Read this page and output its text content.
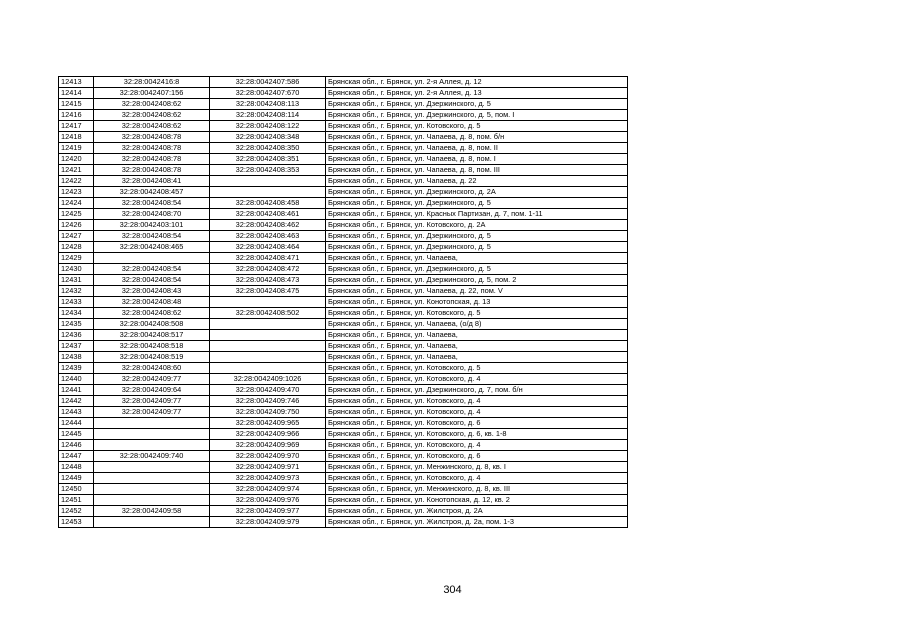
12413	32:28:0042416:8	32:28:0042407:586	Брянская обл., г. Брянск, ул. 2-я Аллея, д. 12
12414	32:28:0042407:156	32:28:0042407:670	Брянская обл., г. Брянск, ул. 2-я Аллея, д. 13
12415	32:28:0042408:62	32:28:0042408:113	Брянская обл., г. Брянск, ул. Дзержинского, д. 5
12416	32:28:0042408:62	32:28:0042408:114	Брянская обл., г. Брянск, ул. Дзержинского, д. 5, пом. I
12417	32:28:0042408:62	32:28:0042408:122	Брянская обл., г. Брянск, ул. Котовского, д. 5
12418	32:28:0042408:78	32:28:0042408:348	Брянская обл., г. Брянск, ул. Чапаева, д. 8, пом. б/н
12419	32:28:0042408:78	32:28:0042408:350	Брянская обл., г. Брянск, ул. Чапаева, д. 8, пом. II
12420	32:28:0042408:78	32:28:0042408:351	Брянская обл., г. Брянск, ул. Чапаева, д. 8, пом. I
12421	32:28:0042408:78	32:28:0042408:353	Брянская обл., г. Брянск, ул. Чапаева, д. 8, пом. III
12422	32:28:0042408:41		Брянская обл., г. Брянск, ул. Чапаева, д. 22
12423	32:28:0042408:457		Брянская обл., г. Брянск, ул. Дзержинского, д. 2А
12424	32:28:0042408:54	32:28:0042408:458	Брянская обл., г. Брянск, ул. Дзержинского, д. 5
12425	32:28:0042408:70	32:28:0042408:461	Брянская обл., г. Брянск, ул. Красных Партизан, д. 7, пом. 1-11
12426	32:28:0042403:101	32:28:0042408:462	Брянская обл., г. Брянск, ул. Котовского, д. 2А
12427	32:28:0042408:54	32:28:0042408:463	Брянская обл., г. Брянск, ул. Дзержинского, д. 5
12428	32:28:0042408:465	32:28:0042408:464	Брянская обл., г. Брянск, ул. Дзержинского, д. 5
12429		32:28:0042408:471	Брянская обл., г. Брянск, ул. Чапаева,
12430	32:28:0042408:54	32:28:0042408:472	Брянская обл., г. Брянск, ул. Дзержинского, д. 5
12431	32:28:0042408:54	32:28:0042408:473	Брянская обл., г. Брянск, ул. Дзержинского, д. 5, пом. 2
12432	32:28:0042408:43	32:28:0042408:475	Брянская обл., г. Брянск, ул. Чапаева, д. 22, пом. V
12433	32:28:0042408:48		Брянская обл., г. Брянск, ул. Конотопская, д. 13
12434	32:28:0042408:62	32:28:0042408:502	Брянская обл., г. Брянск, ул. Котовского, д. 5
12435	32:28:0042408:508		Брянская обл., г. Брянск, ул. Чапаева, (о/д 8)
12436	32:28:0042408:517		Брянская обл., г. Брянск, ул. Чапаева,
12437	32:28:0042408:518		Брянская обл., г. Брянск, ул. Чапаева,
12438	32:28:0042408:519		Брянская обл., г. Брянск, ул. Чапаева,
12439	32:28:0042408:60		Брянская обл., г. Брянск, ул. Котовского, д. 5
12440	32:28:0042409:77	32:28:0042409:1026	Брянская обл., г. Брянск, ул. Котовского, д. 4
12441	32:28:0042409:64	32:28:0042409:470	Брянская обл., г. Брянск, ул. Дзержинского, д. 7, пом. б/н
12442	32:28:0042409:77	32:28:0042409:746	Брянская обл., г. Брянск, ул. Котовского, д. 4
12443	32:28:0042409:77	32:28:0042409:750	Брянская обл., г. Брянск, ул. Котовского, д. 4
12444		32:28:0042409:965	Брянская обл., г. Брянск, ул. Котовского, д. 6
12445		32:28:0042409:966	Брянская обл., г. Брянск, ул. Котовского, д. 6, кв. 1-8
12446		32:28:0042409:969	Брянская обл., г. Брянск, ул. Котовского, д. 4
12447	32:28:0042409:740	32:28:0042409:970	Брянская обл., г. Брянск, ул. Котовского, д. 6
12448		32:28:0042409:971	Брянская обл., г. Брянск, ул. Менжинского, д. 8, кв. I
12449		32:28:0042409:973	Брянская обл., г. Брянск, ул. Котовского, д. 4
12450		32:28:0042409:974	Брянская обл., г. Брянск, ул. Менжинского, д. 8, кв. III
12451		32:28:0042409:976	Брянская обл., г. Брянск, ул. Конотопская, д. 12, кв. 2
12452	32:28:0042409:58	32:28:0042409:977	Брянская обл., г. Брянск, ул. Жилстроя, д. 2А
12453		32:28:0042409:979	Брянская обл., г. Брянск, ул. Жилстроя, д. 2а, пом. 1-3
304
